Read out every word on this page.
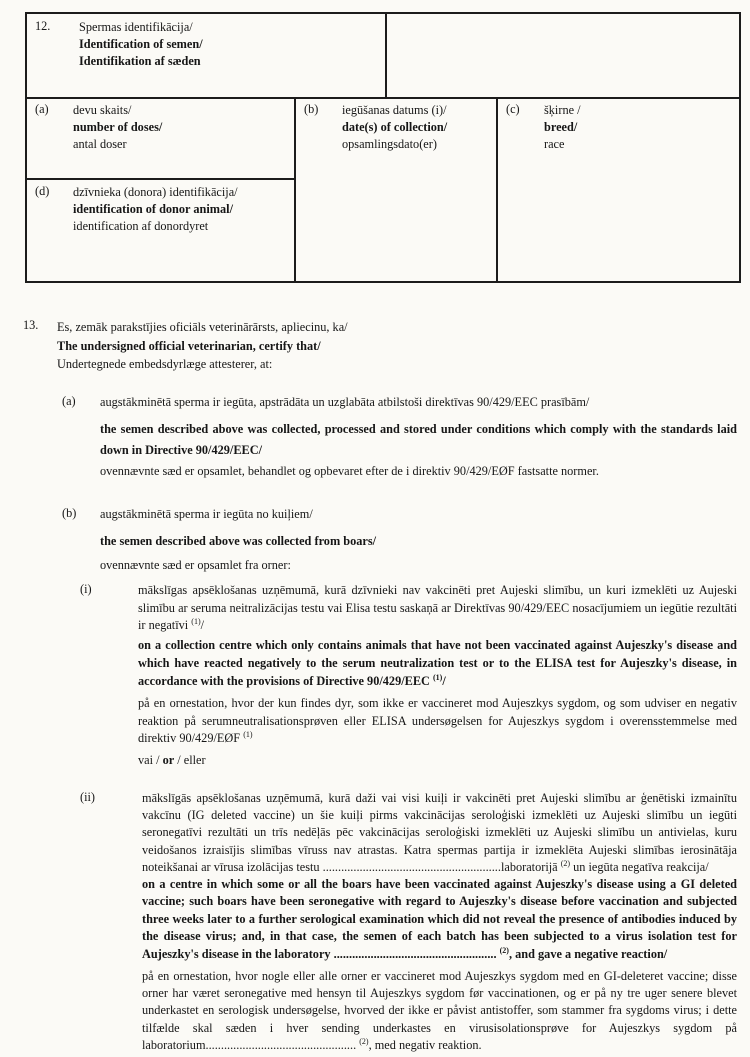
12.	Spermas identifikācija/
Identification of semen/
Identifikation af sæden
(a)	devu skaits/
number of doses/
antal doser
(b)	iegūšanas datums (i)/
date(s) of collection/
opsamlingsdato(er)
(c)	šķirne /
breed/
race
(d)	dzīvnieka (donora) identifikācija/
identification of donor animal/
identification af donordyret
13. Es, zemāk parakstījies oficiāls veterinārārsts, apliecinu, ka/
The undersigned official veterinarian, certify that/
Undertegnede embedsdyrlæge attesterer, at:
(a) augstākminētā sperma ir iegūta, apstrādāta un uzglabāta atbilstoši direktīvas 90/429/EEC prasībām/
the semen described above was collected, processed and stored under conditions which comply with the standards laid down in Directive 90/429/EEC/
ovennævnte sæd er opsamlet, behandlet og opbevaret efter de i direktiv 90/429/EØF fastsatte normer.
(b) augstākminētā sperma ir iegūta no kuiļiem/
the semen described above was collected from boars/
ovennævnte sæd er opsamlet fra orner:
(i)	mākslīgas apsēklošanas uzņēmumā, kurā dzīvnieki nav vakcinēti pret Aujeski slimību, un kuri izmeklēti uz Aujeski slimību ar seruma neitralizācijas testu vai Elisa testu saskaņā ar Direktīvas 90/429/EEC nosacījumiem un iegūtie rezultāti ir negatīvi $^{(1)}$/
on a collection centre which only contains animals that have not been vaccinated against Aujeszky's disease and which have reacted negatively to the serum neutralization test or to the ELISA test for Aujeszky's disease, in accordance with the provisions of Directive 90/429/EEC $^{(1)}$/
på en ornestation, hvor der kun findes dyr, som ikke er vaccineret mod Aujeszkys sygdom, og som udviser en negativ reaktion på serumneutralisationsprøven eller ELISA undersøgelsen for Aujeszkys sygdom i overensstemmelse med direktiv 90/429/EØF $^{(1)}$
vai / or / eller
(ii)	mākslīgās apsēklošanas uzņēmumā, kurā daži vai visi kuiļi ir vakcinēti pret Aujeski slimību ar ģenētiski izmainītu vakcīnu (IG deleted vaccine) un šie kuiļi pirms vakcinācijas seroloģiski izmeklēti uz Aujeski slimību un iegūti seronegatīvi rezultāti un trīs nedēļās pēc vakcinācijas seroloģiski izmeklēti uz Aujeski slimību un antivielas, kuru veidošanos izraisījis slimības vīruss nav atrastas. Katra spermas partija ir izmeklēta Aujeski slimības ierosinātāja noteikšanai ar vīrusa izolācijas testu ..........................................................laboratorijā $^{(2)}$ un iegūta negatīva reakcija/
on a centre in which some or all the boars have been vaccinated against Aujeszky's disease using a GI deleted vaccine; such boars have been seronegative with regard to Aujeszky's disease before vaccination and subjected three weeks later to a further serological examination which did not reveal the presence of antibodies induced by the disease virus; and, in that case, the semen of each batch has been subjected to a virus isolation test for Aujeszky's disease in the laboratory ..................................................... $^{(2)}$, and gave a negative reaction/
på en ornestation, hvor nogle eller alle orner er vaccineret mod Aujeszkys sygdom med en GI-deleteret vaccine; disse orner har været seronegative med hensyn til Aujeszkys sygdom før vaccinationen, og er på ny tre uger senere blevet underkastet en serologisk undersøgelse, hvorved der ikke er påvist antistoffer, som stammer fra sygdoms virus; i dette tilfælde skal sæden i hver sending underkastes en virusisolationsprøve for Aujeszkys sygdom på laboratorium................................................. $^{(2)}$, med negativ reaktion.
